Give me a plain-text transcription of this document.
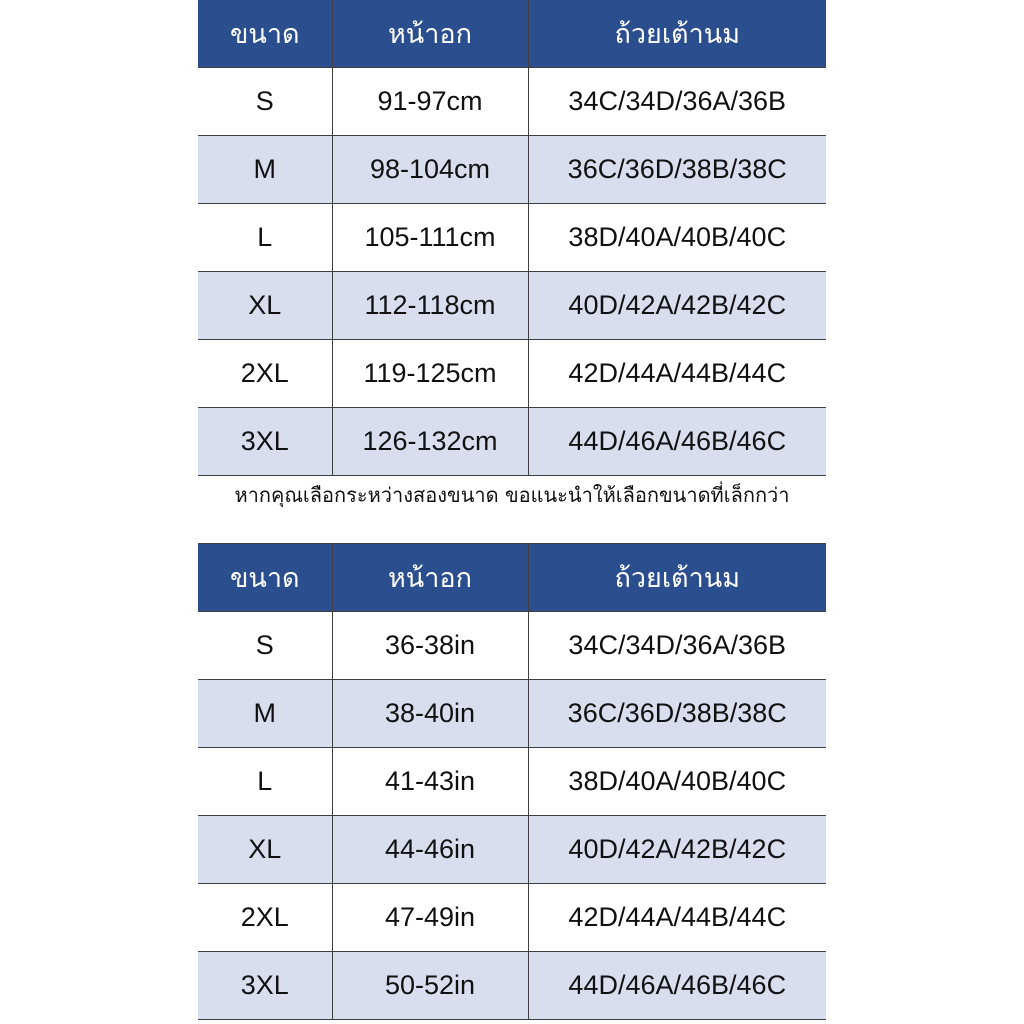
ขนาด	หน้าอก	ถ้วยเต้านม
S	91-97cm	34C/34D/36A/36B
M	98-104cm	36C/36D/38B/38C
L	105-111cm	38D/40A/40B/40C
XL	112-118cm	40D/42A/42B/42C
2XL	119-125cm	42D/44A/44B/44C
3XL	126-132cm	44D/46A/46B/46C
หากคุณเลือกระหว่างสองขนาด ขอแนะนำให้เลือกขนาดที่เล็กกว่า
ขนาด	หน้าอก	ถ้วยเต้านม
S	36-38in	34C/34D/36A/36B
M	38-40in	36C/36D/38B/38C
L	41-43in	38D/40A/40B/40C
XL	44-46in	40D/42A/42B/42C
2XL	47-49in	42D/44A/44B/44C
3XL	50-52in	44D/46A/46B/46C
